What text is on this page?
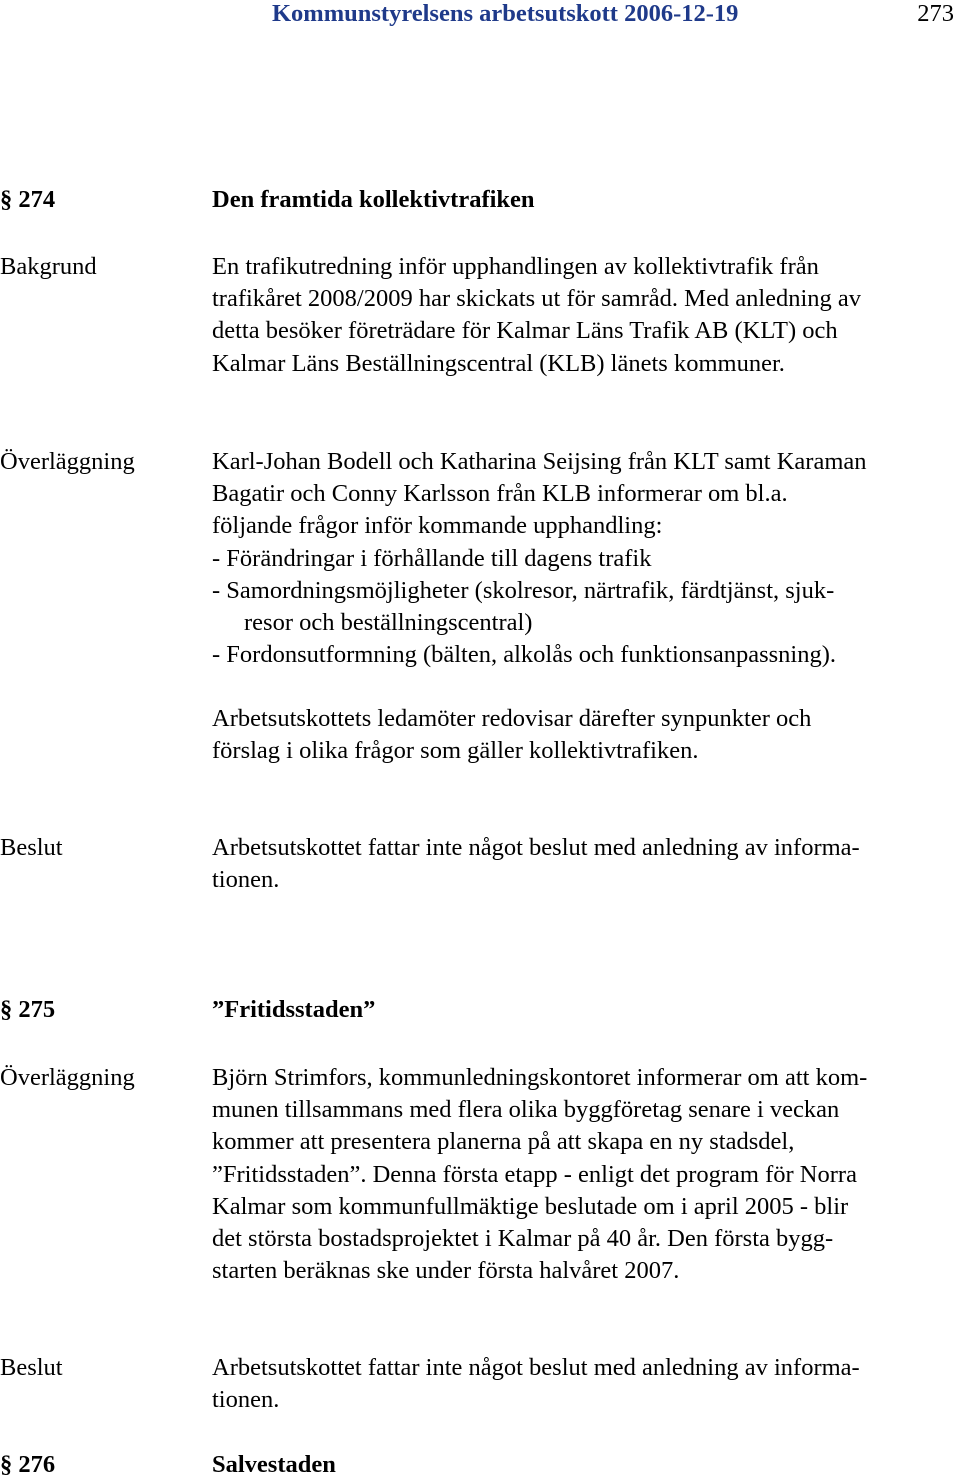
Kommunstyrelsens arbetsutskott 2006-12-19	273
§ 274	Den framtida kollektivtrafiken
Bakgrund	En trafikutredning inför upphandlingen av kollektivtrafik från
trafikåret 2008/2009 har skickats ut för samråd. Med anledning av
detta besöker företrädare för Kalmar Läns Trafik AB (KLT) och
Kalmar Läns Beställningscentral (KLB) länets kommuner.
Överläggning	Karl-Johan Bodell och Katharina Seijsing från KLT samt Karaman
Bagatir och Conny Karlsson från KLB informerar om bl.a.
följande frågor inför kommande upphandling:
- Förändringar i förhållande till dagens trafik
- Samordningsmöjligheter (skolresor, närtrafik, färdtjänst, sjuk-
resor och beställningscentral)
- Fordonsutformning (bälten, alkolås och funktionsanpassning).
Arbetsutskottets ledamöter redovisar därefter synpunkter och
förslag i olika frågor som gäller kollektivtrafiken.
Beslut	Arbetsutskottet fattar inte något beslut med anledning av informa-
tionen.
§ 275	”Fritidsstaden”
Överläggning	Björn Strimfors, kommunledningskontoret informerar om att kom-
munen tillsammans med flera olika byggföretag senare i veckan
kommer att presentera planerna på att skapa en ny stadsdel,
”Fritidsstaden”. Denna första etapp - enligt det program för Norra
Kalmar som kommunfullmäktige beslutade om i april 2005 - blir
det största bostadsprojektet i Kalmar på 40 år. Den första bygg-
starten beräknas ske under första halvåret 2007.
Beslut	Arbetsutskottet fattar inte något beslut med anledning av informa-
tionen.
§ 276	Salvestaden
